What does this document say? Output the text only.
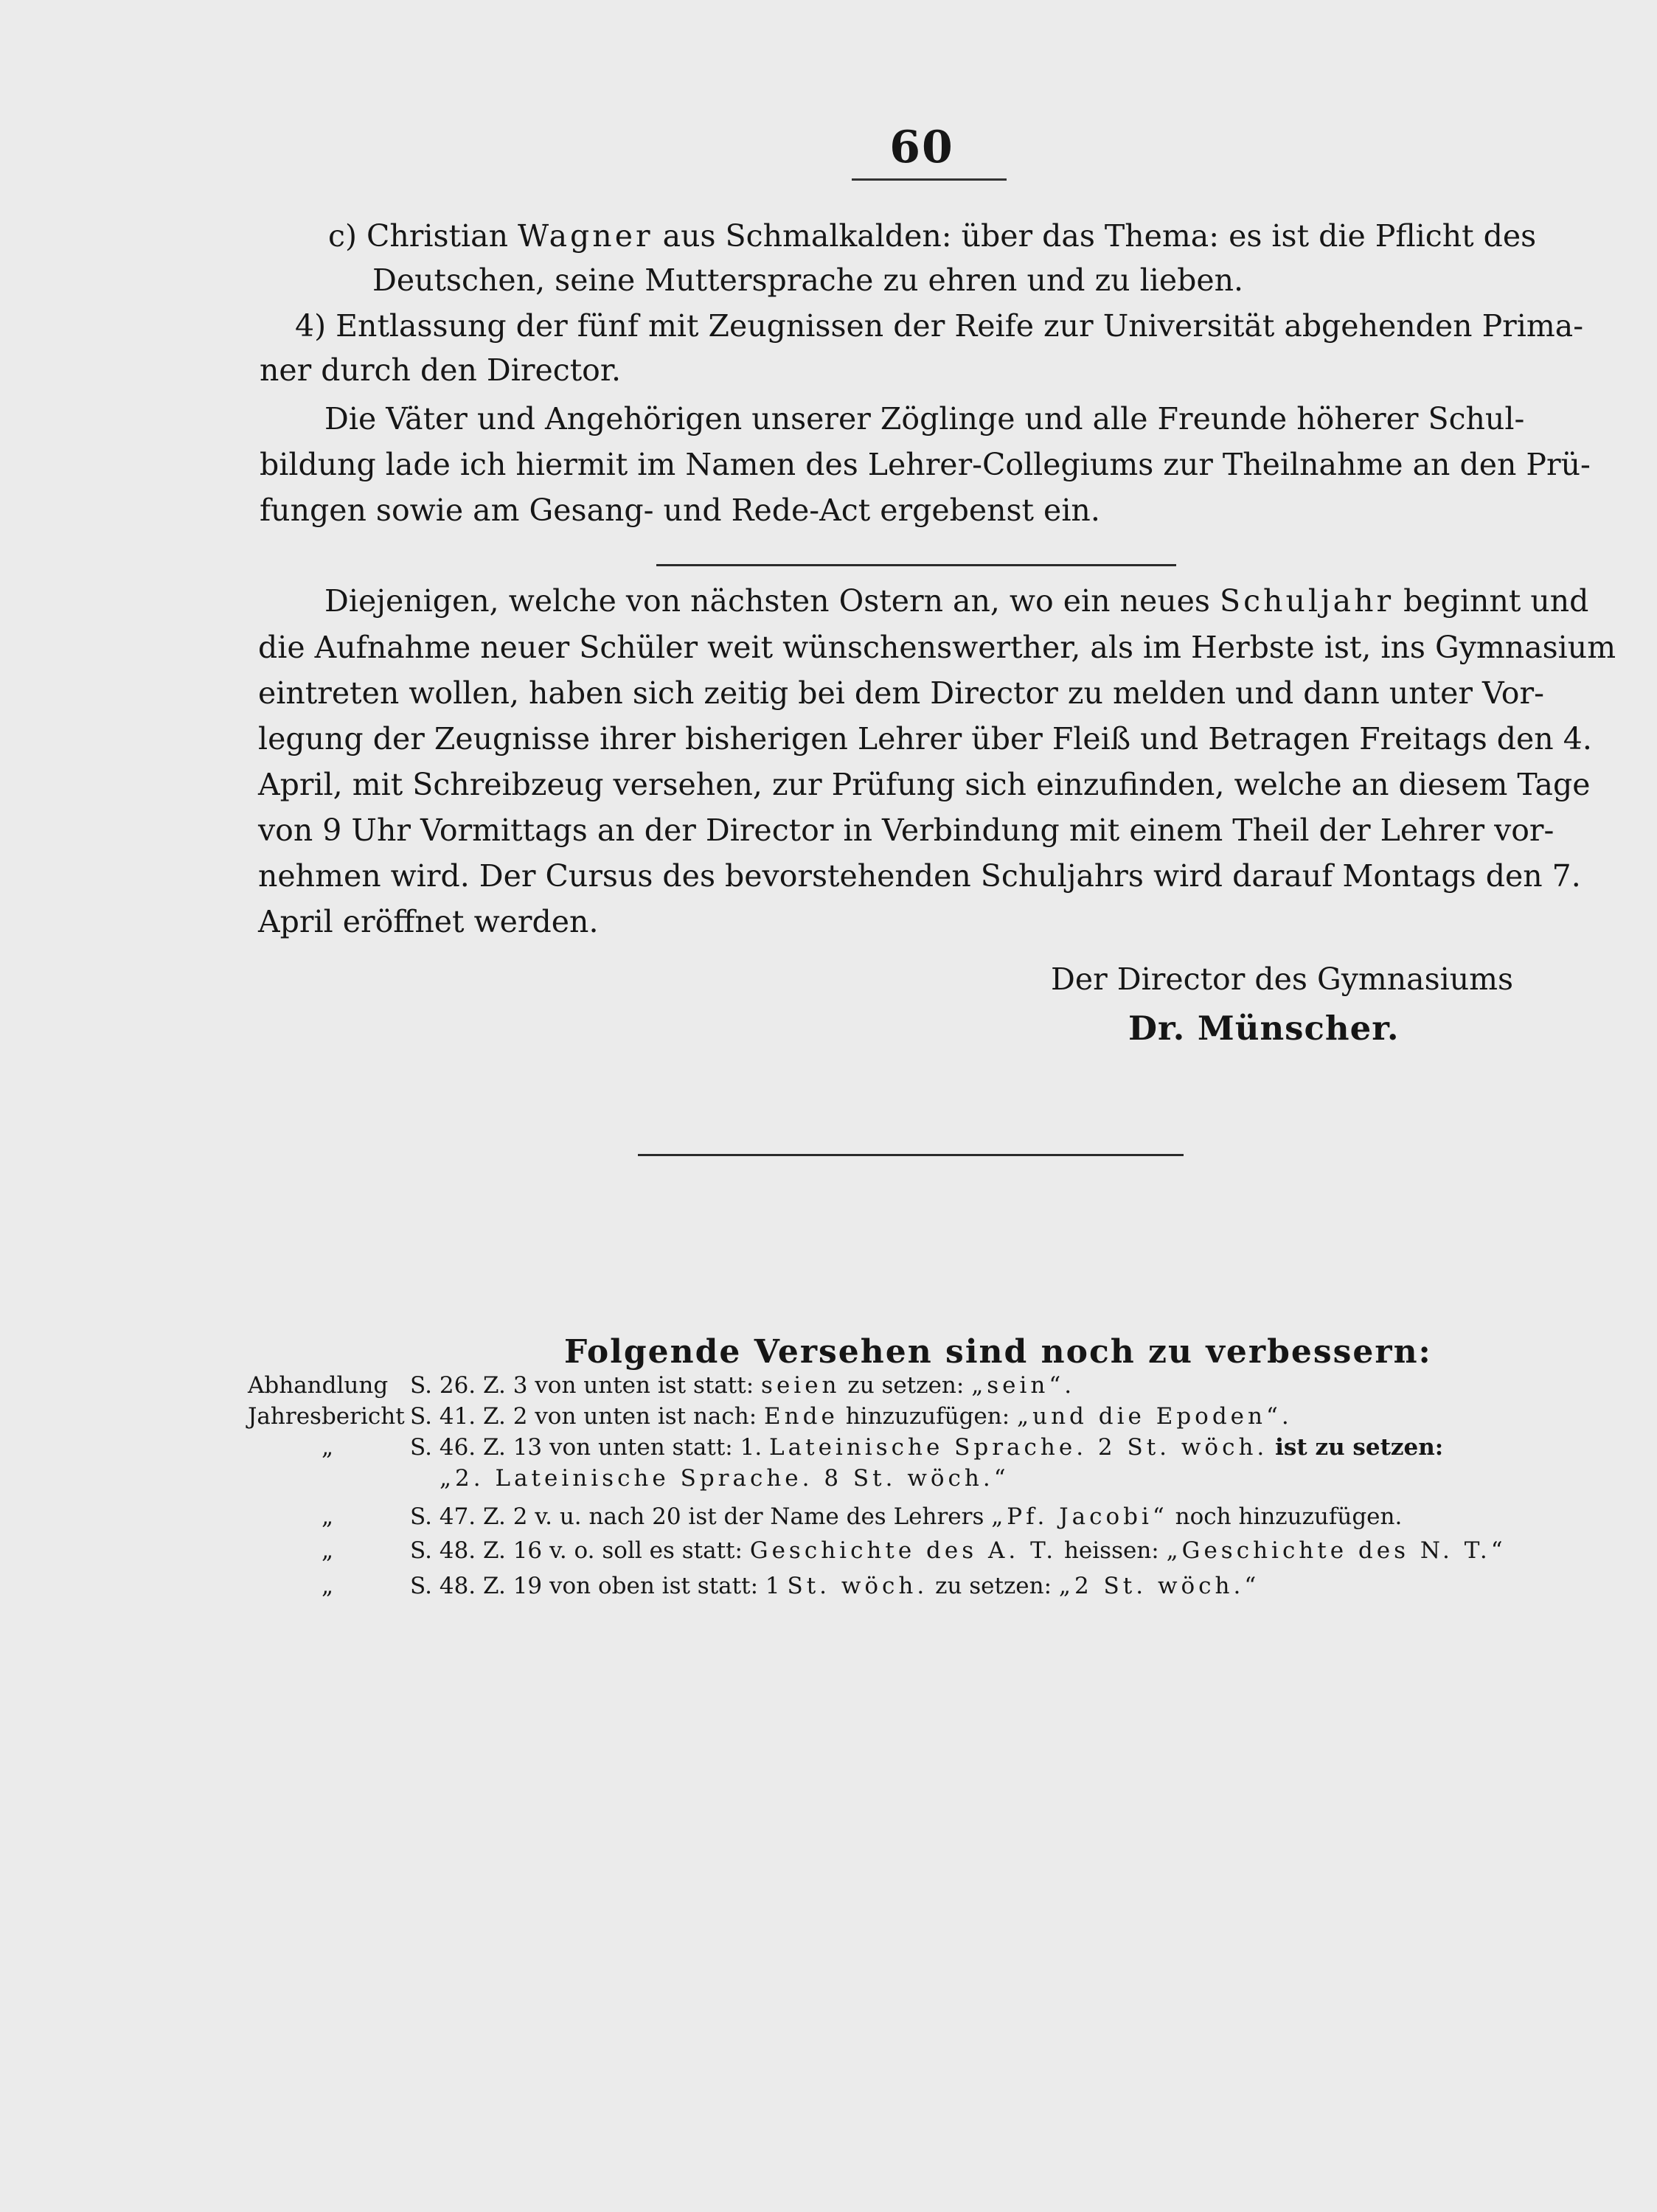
60
c) Christian Wagner aus Schmalkalden: über das Thema: es ist die Pflicht des
Deutschen, seine Muttersprache zu ehren und zu lieben.
4) Entlassung der fünf mit Zeugnissen der Reife zur Universität abgehenden Prima-
ner durch den Director.
Die Väter und Angehörigen unserer Zöglinge und alle Freunde höherer Schul-
bildung lade ich hiermit im Namen des Lehrer-Collegiums zur Theilnahme an den Prü-
fungen sowie am Gesang- und Rede-Act ergebenst ein.
Diejenigen, welche von nächsten Ostern an, wo ein neues Schuljahr beginnt und
die Aufnahme neuer Schüler weit wünschenswerther, als im Herbste ist, ins Gymnasium
eintreten wollen, haben sich zeitig bei dem Director zu melden und dann unter Vor-
legung der Zeugnisse ihrer bisherigen Lehrer über Fleiß und Betragen Freitags den 4.
April, mit Schreibzeug versehen, zur Prüfung sich einzufinden, welche an diesem Tage
von 9 Uhr Vormittags an der Director in Verbindung mit einem Theil der Lehrer vor-
nehmen wird. Der Cursus des bevorstehenden Schuljahrs wird darauf Montags den 7.
April eröffnet werden.
Der Director des Gymnasiums
Dr. Münscher.
Folgende Versehen sind noch zu verbessern:
Abhandlung S. 26. Z. 3 von unten ist statt: seien zu setzen: „sein“.
Jahresbericht S. 41. Z. 2 von unten ist nach: Ende hinzuzufügen: „und die Epoden“.
„	S. 46. Z. 13 von unten statt: 1. Lateinische Sprache. 2 St. wöch. ist zu setzen:
„2. Lateinische Sprache. 8 St. wöch.“
„	S. 47. Z. 2 v. u. nach 20 ist der Name des Lehrers „Pf. Jacobi“ noch hinzuzufügen.
„	S. 48. Z. 16 v. o. soll es statt: Geschichte des A. T. heissen: „Geschichte des N. T.“
„	S. 48. Z. 19 von oben ist statt: 1 St. wöch. zu setzen: „2 St. wöch.“
